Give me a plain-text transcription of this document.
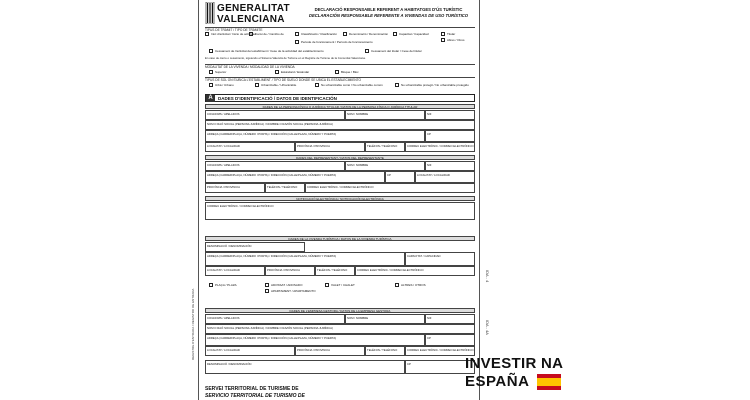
GENERALITAT
VALENCIANA
DECLARACIÓ RESPONSABLE REFERENT A HABITATGES D'ÚS TURÍSTIC
DECLARACIÓN RESPONSABLE REFERENTE A VIVIENDAS DE USO TURÍSTICO
TIPUS DE TRÀMIT / TIPO DE TRÁMITE
Inici d'activitat / Inicio de actividad Canvi de / Cambio de	Classificació / Clasificación	Denominació / Denominación	Capacitat / Capacidad	Titular
Altres / Otros
Periode de funcionament / Período de funcionamiento
Cessament de l'activitat del establiment / Cese de la actividad del establecimiento	Cessament del titular / Cese del titular
En caso de cierre o cesamiento, siguiendo el Sistema Valencià de Turisme en el Registre de Turisme de la Comunitat Valenciana.
MODALITAT DE LA VIVENDA / MODALIDAD DE LA VIVIENDA
Superior	Estàndard / Estándar	Bloque / Bloc
TIPUS DE SOL ON S'UBICA L'ESTABLIMENT / TIPO DE SUELO DONDE SE UBICA EL ESTABLECIMIENTO
Urbà / Urbano	Urbanitzable / Urbanizable	No urbanitzable comú / No urbanizable común	No urbanitzable protegit / No urbanizable protegido
A	DADES D'IDENTIFICACIÓ / DATOS DE IDENTIFICACIÓN
DADES DE LA PERSONA FÍSICA O JURÍDICA TITULAR / DATOS DE LA PERSONA FÍSICA O JURÍDICA TITULAR
COGNOMS / APELLIDOS	NOM / NOMBRE	NIF
NOM O RAÓ SOCIAL (PERSONA JURÍDICA) / NOMBRE O RAZÓN SOCIAL (PERSONA JURÍDICA)
ADREÇA (CARRER/PLAÇA, NÚMERO I PORTA) / DIRECCIÓN (CALLE/PLAZA, NÚMERO Y PUERTA)	CP
LOCALITAT / LOCALIDAD	PROVÍNCIA / PROVINCIA	TELÈFON / TELÉFONO	CORREU ELECTRÒNIC / CORREO ELECTRÓNICO
DADES DEL REPRESENTANT / DATOS DEL REPRESENTANTE
COGNOMS / APELLIDOS	NOM / NOMBRE	NIF
ADREÇA (CARRER/PLAÇA, NÚMERO I PORTA) / DIRECCIÓN (CALLE/PLAZA, NÚMERO Y PUERTA)	CP	LOCALITAT / LOCALIDAD
PROVÍNCIA / PROVINCIA	TELÈFON / TELÉFONO	CORREU ELECTRÒNIC / CORREO ELECTRÓNICO
NOTIFICACIÓ ELECTRÒNICA / NOTIFICACIÓN ELECTRÓNICA
CORREU ELECTRÒNIC / CORREO ELECTRÓNICO
DADES DE LA VIVENDA TURÍSTICA / DATOS DE LA VIVIENDA TURÍSTICA
DENOMINACIÓ / DENOMINACIÓN
ADREÇA (CARRER/PLAÇA, NÚMERO I PORTA) / DIRECCIÓN (CALLE/PLAZA, NÚMERO Y PUERTA)	CAPACITAT / CAPACIDAD
LOCALITAT / LOCALIDAD	PROVÍNCIA / PROVINCIA	TELÈFON / TELÉFONO	CORREU ELECTRÒNIC / CORREO ELECTRÓNICO
PLAÇA / PLAZA	ADOSSAT / ADOSADO	XALET / CHALET	ALTRES / OTROS
APARTAMENT / APARTAMENTO
DADES DE L'EMPRESA GESTORA / DATOS DE LA EMPRESA GESTORA
COGNOMS / APELLIDOS	NOM / NOMBRE	NIF
NOM O RAÓ SOCIAL (PERSONA JURÍDICA) / NOMBRE O RAZÓN SOCIAL (PERSONA JURÍDICA)
ADREÇA (CARRER/PLAÇA, NÚMERO I PORTA) / DIRECCIÓN (CALLE/PLAZA, NÚMERO Y PUERTA)	CP
LOCALITAT / LOCALIDAD	PROVÍNCIA / PROVINCIA	TELÈFON / TELÉFONO	CORREU ELECTRÒNIC / CORREO ELECTRÓNICO
DENOMINACIÓ / DENOMINACIÓN	CP
SERVEI TERRITORIAL DE TURISME DE
SERVICIO TERRITORIAL DE TURISMO DE
REGISTRE D'ENTRADA / REGISTRO DE ENTRADA
IDA - 4
IDA - 4A
INVESTIR NA
ESPAÑA
